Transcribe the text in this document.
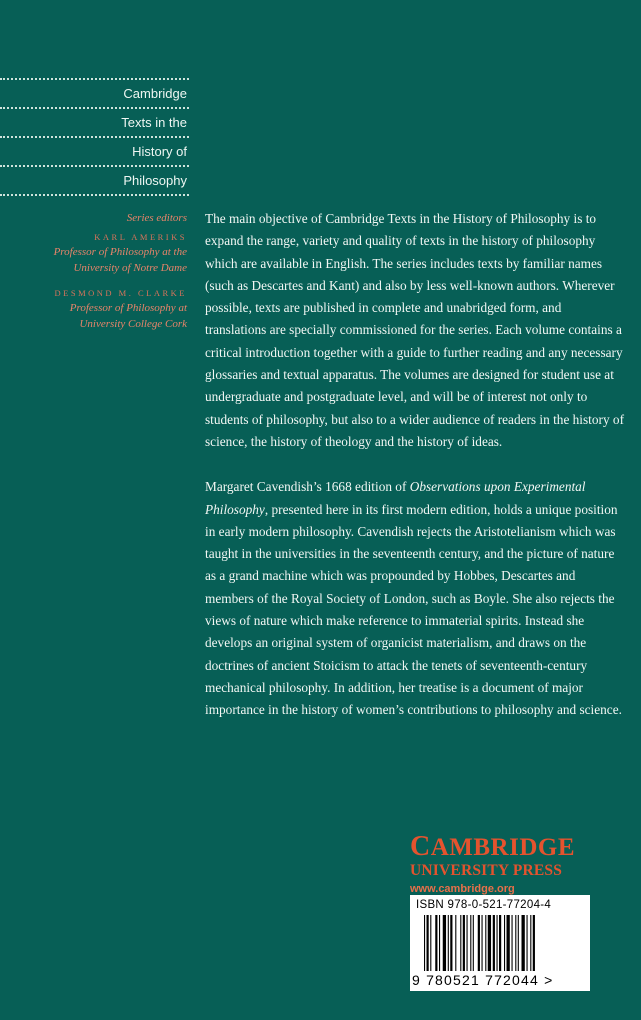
Cambridge
Texts in the
History of
Philosophy
Series editors
KARL AMERIKS
Professor of Philosophy at the
University of Notre Dame
DESMOND M. CLARKE
Professor of Philosophy at
University College Cork

The main objective of Cambridge Texts in the History of Philosophy is to expand the range, variety and quality of texts in the history of philosophy which are available in English. The series includes texts by familiar names (such as Descartes and Kant) and also by less well-known authors. Wherever possible, texts are published in complete and unabridged form, and translations are specially commissioned for the series. Each volume contains a critical introduction together with a guide to further reading and any necessary glossaries and textual apparatus. The volumes are designed for student use at undergraduate and postgraduate level, and will be of interest not only to students of philosophy, but also to a wider audience of readers in the history of science, the history of theology and the history of ideas.

Margaret Cavendish’s 1668 edition of Observations upon Experimental Philosophy, presented here in its first modern edition, holds a unique position in early modern philosophy. Cavendish rejects the Aristotelianism which was taught in the universities in the seventeenth century, and the picture of nature as a grand machine which was propounded by Hobbes, Descartes and members of the Royal Society of London, such as Boyle. She also rejects the views of nature which make reference to immaterial spirits. Instead she develops an original system of organicist materialism, and draws on the doctrines of ancient Stoicism to attack the tenets of seventeenth-century mechanical philosophy. In addition, her treatise is a document of major importance in the history of women’s contributions to philosophy and science.

CAMBRIDGE
UNIVERSITY PRESS
www.cambridge.org
ISBN 978-0-521-77204-4
9 780521 772044 >
